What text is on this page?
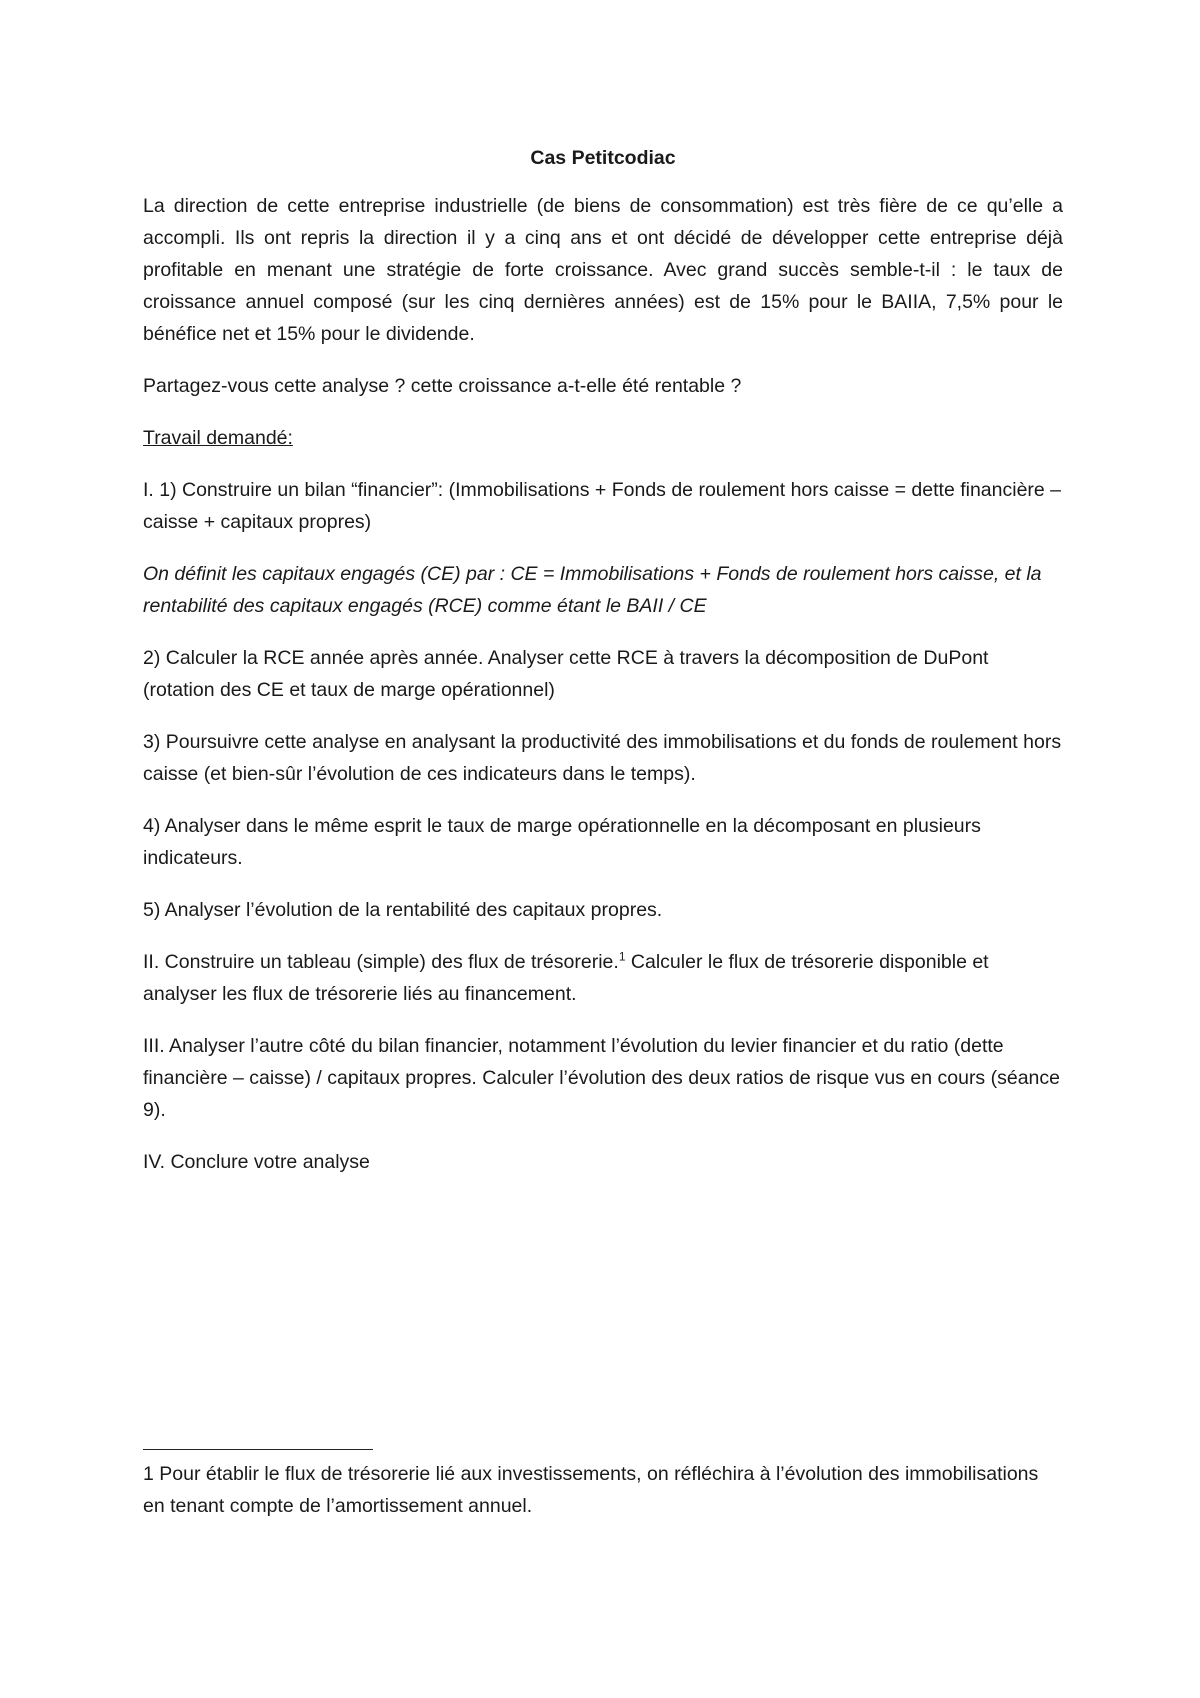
Cas Petitcodiac

La direction de cette entreprise industrielle (de biens de consommation) est très fière de ce qu’elle a accompli. Ils ont repris la direction il y a cinq ans et ont décidé de développer cette entreprise déjà profitable en menant une stratégie de forte croissance. Avec grand succès semble-t-il : le taux de croissance annuel composé (sur les cinq dernières années) est de 15% pour le BAIIA, 7,5% pour le bénéfice net et 15% pour le dividende.

Partagez-vous cette analyse ? cette croissance a-t-elle été rentable ?

Travail demandé:

I. 1) Construire un bilan “financier”: (Immobilisations + Fonds de roulement hors caisse = dette financière – caisse + capitaux propres)

On définit les capitaux engagés (CE) par : CE = Immobilisations + Fonds de roulement hors caisse, et la rentabilité des capitaux engagés (RCE) comme étant le BAII / CE

2) Calculer la RCE année après année. Analyser cette RCE à travers la décomposition de DuPont (rotation des CE et taux de marge opérationnel)

3) Poursuivre cette analyse en analysant la productivité des immobilisations et du fonds de roulement hors caisse (et bien-sûr l’évolution de ces indicateurs dans le temps).

4) Analyser dans le même esprit le taux de marge opérationnelle en la décomposant en plusieurs indicateurs.

5) Analyser l’évolution de la rentabilité des capitaux propres.

II. Construire un tableau (simple) des flux de trésorerie.$^1$ Calculer le flux de trésorerie disponible et analyser les flux de trésorerie liés au financement.

III. Analyser l’autre côté du bilan financier, notamment l’évolution du levier financier et du ratio (dette financière – caisse) / capitaux propres. Calculer l’évolution des deux ratios de risque vus en cours (séance 9).

IV. Conclure votre analyse

1 Pour établir le flux de trésorerie lié aux investissements, on réfléchira à l’évolution des immobilisations en tenant compte de l’amortissement annuel.
